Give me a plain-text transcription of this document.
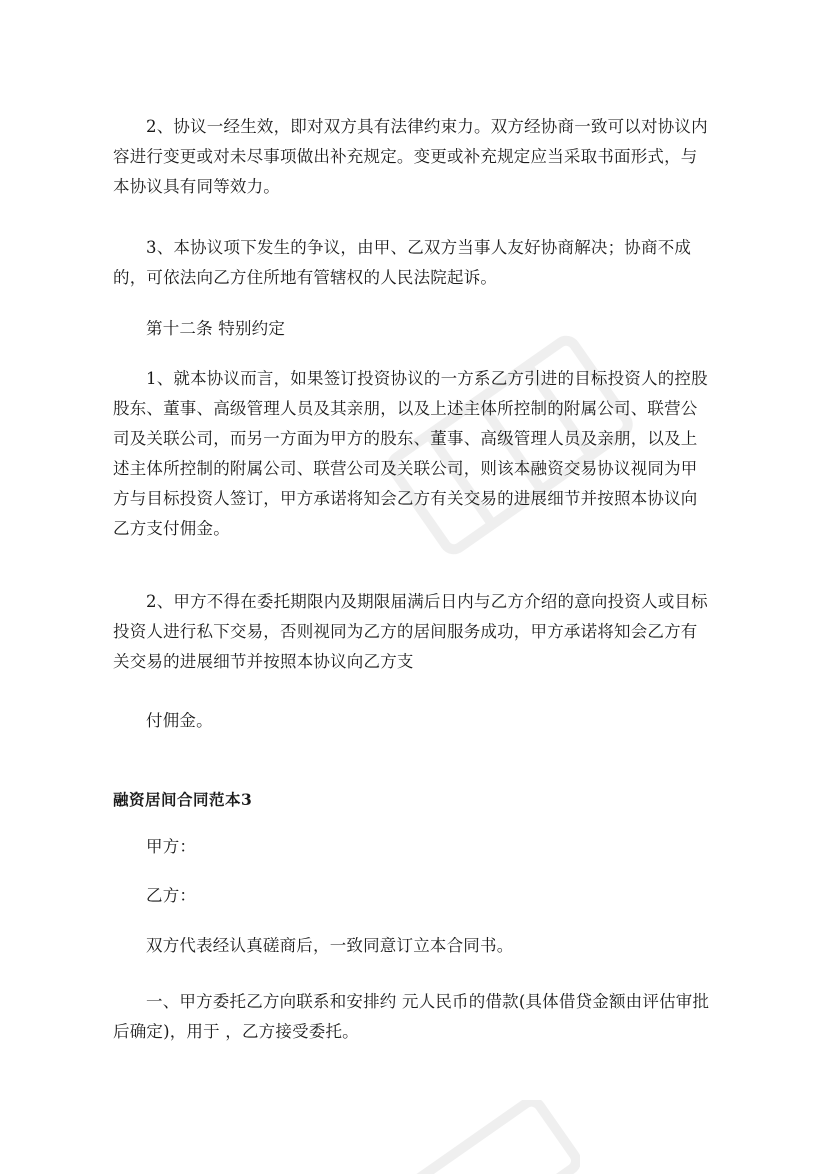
2、协议一经生效，即对双方具有法律约束力。双方经协商一致可以对协议内容进行变更或对未尽事项做出补充规定。变更或补充规定应当采取书面形式，与本协议具有同等效力。

3、本协议项下发生的争议，由甲、乙双方当事人友好协商解决；协商不成的，可依法向乙方住所地有管辖权的人民法院起诉。

第十二条 特别约定

1、就本协议而言，如果签订投资协议的一方系乙方引进的目标投资人的控股股东、董事、高级管理人员及其亲朋，以及上述主体所控制的附属公司、联营公司及关联公司，而另一方面为甲方的股东、董事、高级管理人员及亲朋，以及上述主体所控制的附属公司、联营公司及关联公司，则该本融资交易协议视同为甲方与目标投资人签订，甲方承诺将知会乙方有关交易的进展细节并按照本协议向乙方支付佣金。

2、甲方不得在委托期限内及期限届满后日内与乙方介绍的意向投资人或目标投资人进行私下交易，否则视同为乙方的居间服务成功，甲方承诺将知会乙方有关交易的进展细节并按照本协议向乙方支

付佣金。

融资居间合同范本3

甲方：

乙方：

双方代表经认真磋商后，一致同意订立本合同书。

一、甲方委托乙方向联系和安排约 元人民币的借款(具体借贷金额由评估审批后确定)，用于 ，乙方接受委托。
